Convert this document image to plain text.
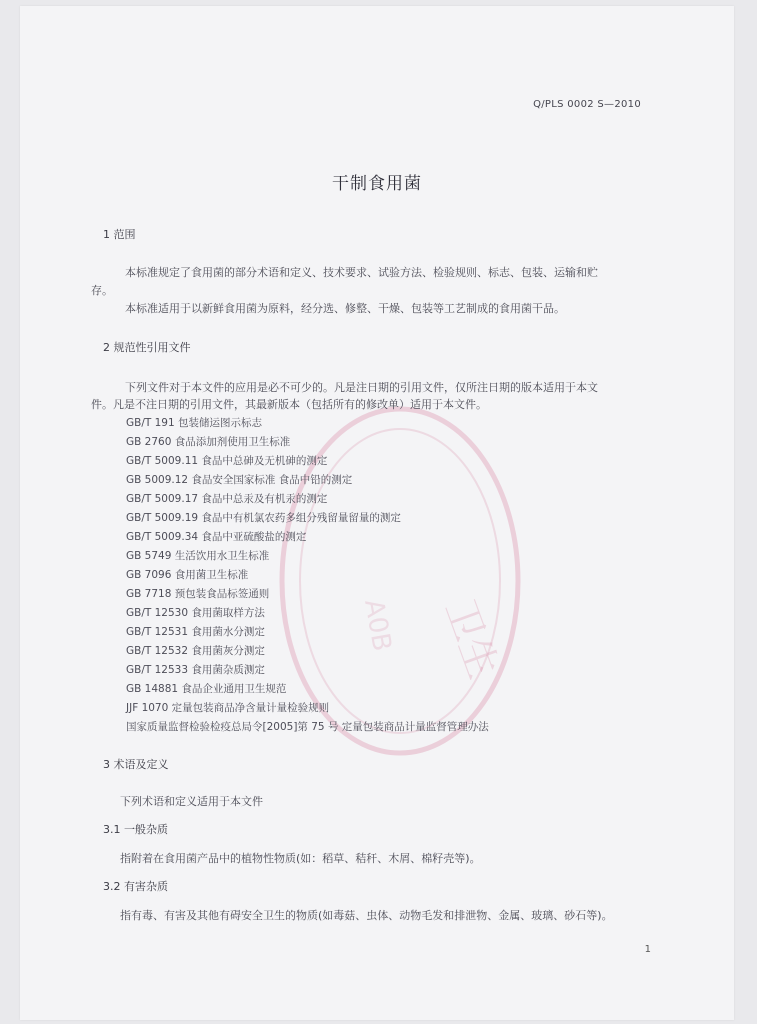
卫生
A0B
Q/PLS 0002 S—2010
干制食用菌
1 范围
本标准规定了食用菌的部分术语和定义、技术要求、试验方法、检验规则、标志、包装、运输和贮
存。
本标准适用于以新鲜食用菌为原料，经分选、修整、干燥、包装等工艺制成的食用菌干品。
2 规范性引用文件
下列文件对于本文件的应用是必不可少的。凡是注日期的引用文件，仅所注日期的版本适用于本文
件。凡是不注日期的引用文件，其最新版本（包括所有的修改单）适用于本文件。
GB/T 191 包装储运图示标志
GB 2760 食品添加剂使用卫生标准
GB/T 5009.11 食品中总砷及无机砷的测定
GB 5009.12 食品安全国家标准 食品中铅的测定
GB/T 5009.17 食品中总汞及有机汞的测定
GB/T 5009.19 食品中有机氯农药多组分残留量留量的测定
GB/T 5009.34 食品中亚硫酸盐的测定
GB 5749 生活饮用水卫生标准
GB 7096 食用菌卫生标准
GB 7718 预包装食品标签通则
GB/T 12530 食用菌取样方法
GB/T 12531 食用菌水分测定
GB/T 12532 食用菌灰分测定
GB/T 12533 食用菌杂质测定
GB 14881 食品企业通用卫生规范
JJF 1070 定量包装商品净含量计量检验规则
国家质量监督检验检疫总局令[2005]第 75 号 定量包装商品计量监督管理办法
3 术语及定义
下列术语和定义适用于本文件
3.1 一般杂质
指附着在食用菌产品中的植物性物质(如：稻草、秸秆、木屑、棉籽壳等)。
3.2 有害杂质
指有毒、有害及其他有碍安全卫生的物质(如毒菇、虫体、动物毛发和排泄物、金属、玻璃、砂石等)。
1
